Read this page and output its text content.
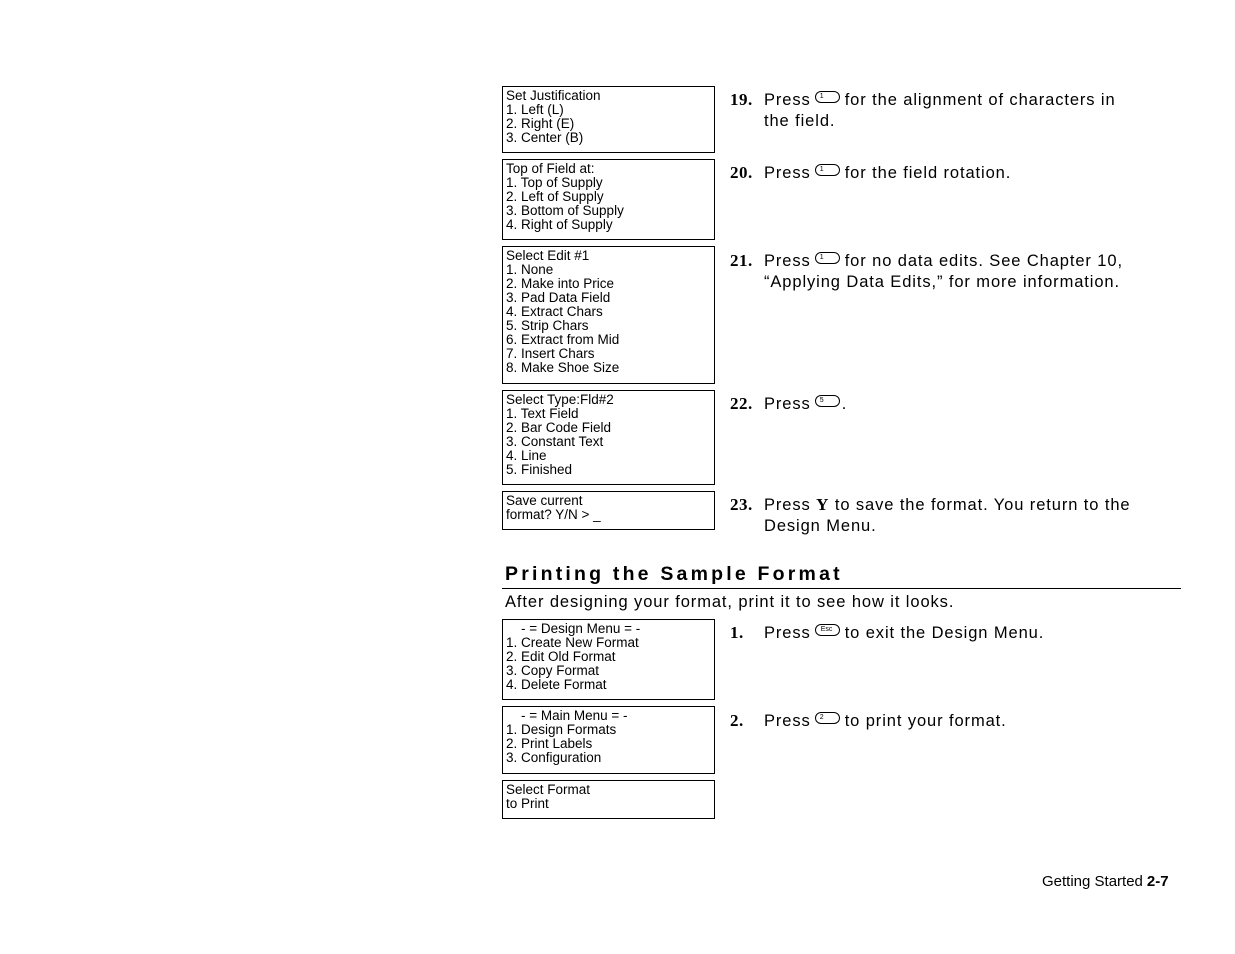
Set Justification
1. Left (L)
2. Right (E)
3. Center (B)
Top of Field at:
1. Top of Supply
2. Left of Supply
3. Bottom of Supply
4. Right of Supply
Select Edit #1
1. None
2. Make into Price
3. Pad Data Field
4. Extract Chars
5. Strip Chars
6. Extract from Mid
7. Insert Chars
8. Make Shoe Size
Select Type:Fld#2
1. Text Field
2. Bar Code Field
3. Constant Text
4. Line
5. Finished
Save current
format? Y/N > _
- = Design Menu = -
1. Create New Format
2. Edit Old Format
3. Copy Format
4. Delete Format
- = Main Menu = -
1. Design Formats
2. Print Labels
3. Configuration
Select Format
to Print
19. Press 1 for the alignment of characters in
the field.
20. Press 1 for the field rotation.
21. Press 1 for no data edits. See Chapter 10,
“Applying Data Edits,” for more information.
22. Press 5 .
23. Press Y to save the format. You return to the
Design Menu.
Printing the Sample Format
After designing your format, print it to see how it looks.
1. Press Esc to exit the Design Menu.
2. Press 2 to print your format.
Getting Started 2-7
